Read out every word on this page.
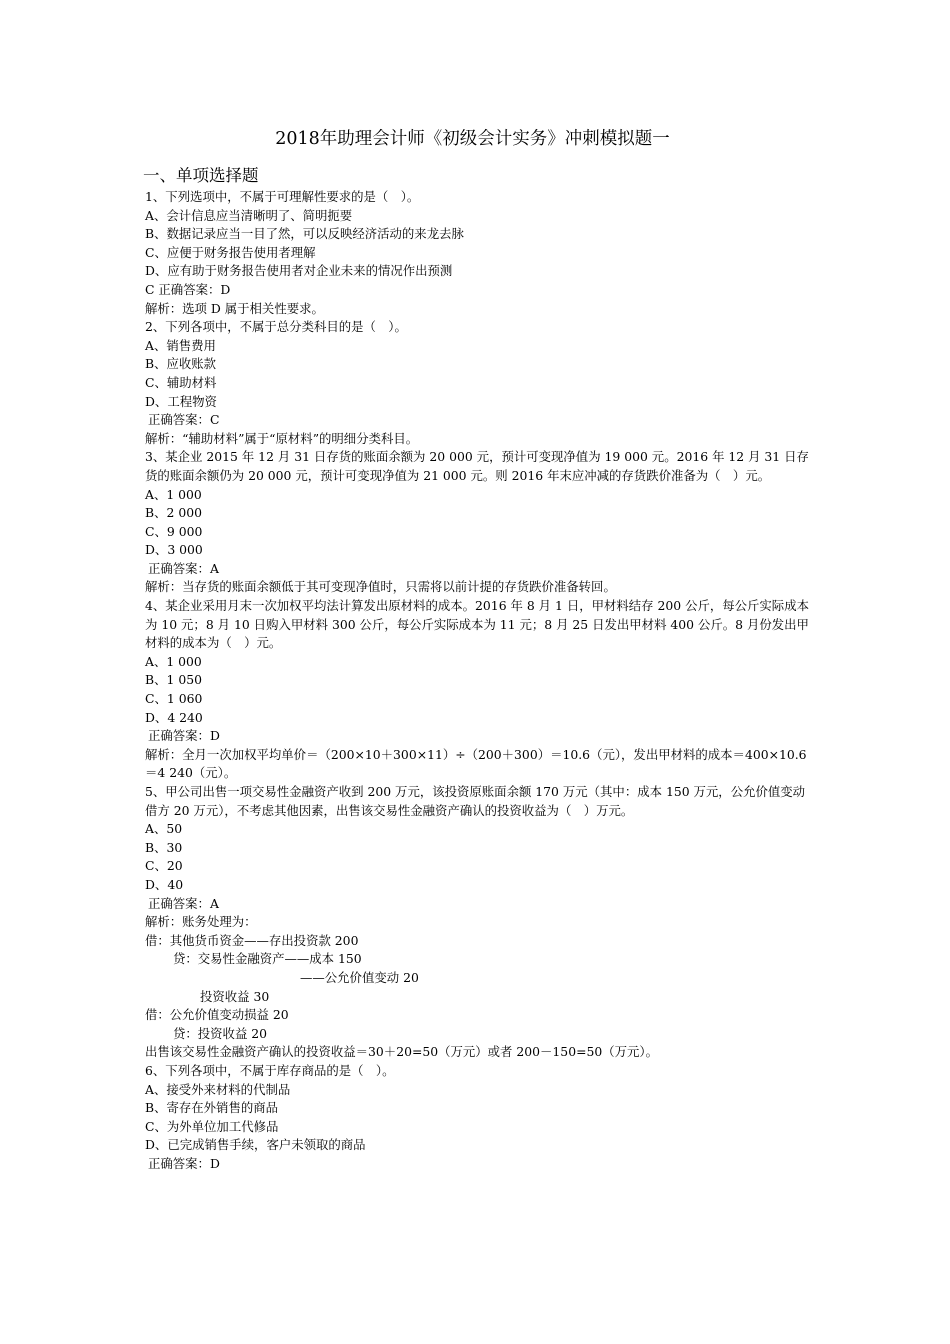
2018年助理会计师《初级会计实务》冲刺模拟题一
一、单项选择题
1、下列选项中，不属于可理解性要求的是（　）。
A、会计信息应当清晰明了、简明扼要
B、数据记录应当一目了然，可以反映经济活动的来龙去脉
C、应便于财务报告使用者理解
D、应有助于财务报告使用者对企业未来的情况作出预测
C 正确答案：D
解析：选项 D 属于相关性要求。
2、下列各项中，不属于总分类科目的是（　）。
A、销售费用
B、应收账款
C、辅助材料
D、工程物资
正确答案：C
解析：“辅助材料”属于“原材料”的明细分类科目。
3、某企业 2015 年 12 月 31 日存货的账面余额为 20 000 元，预计可变现净值为 19 000 元。2016 年 12 月 31 日存货的账面余额仍为 20 000 元，预计可变现净值为 21 000 元。则 2016 年末应冲减的存货跌价准备为（　）元。
A、1 000
B、2 000
C、9 000
D、3 000
正确答案：A
解析：当存货的账面余额低于其可变现净值时，只需将以前计提的存货跌价准备转回。
4、某企业采用月末一次加权平均法计算发出原材料的成本。2016 年 8 月 1 日，甲材料结存 200 公斤，每公斤实际成本为 10 元；8 月 10 日购入甲材料 300 公斤，每公斤实际成本为 11 元；8 月 25 日发出甲材料 400 公斤。8 月份发出甲材料的成本为（　）元。
A、1 000
B、1 050
C、1 060
D、4 240
正确答案：D
解析：全月一次加权平均单价＝（200×10＋300×11）÷（200＋300）＝10.6（元），发出甲材料的成本＝400×10.6＝4 240（元）。
5、甲公司出售一项交易性金融资产收到 200 万元，该投资原账面余额 170 万元（其中：成本 150 万元，公允价值变动借方 20 万元），不考虑其他因素，出售该交易性金融资产确认的投资收益为（　）万元。
A、50
B、30
C、20
D、40
正确答案：A
解析：账务处理为：
借：其他货币资金——存出投资款 200
贷：交易性金融资产——成本 150
——公允价值变动 20
投资收益 30
借：公允价值变动损益 20
贷：投资收益 20
出售该交易性金融资产确认的投资收益＝30＋20=50（万元）或者 200－150=50（万元）。
6、下列各项中，不属于库存商品的是（　）。
A、接受外来材料的代制品
B、寄存在外销售的商品
C、为外单位加工代修品
D、已完成销售手续，客户未领取的商品
正确答案：D
